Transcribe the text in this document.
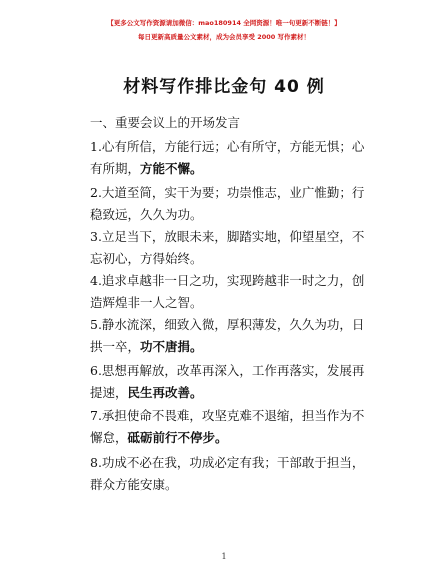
【更多公文写作资源请加微信：mao180914 全网资源！唯一句更新不断链！】
每日更新高质量公文素材，成为会员享受 2000 写作素材！
材料写作排比金句 40 例
一、重要会议上的开场发言
1.心有所信，方能行远；心有所守，方能无惧；心有所期，方能不懈。
2.大道至简，实干为要；功崇惟志，业广惟勤；行稳致远，久久为功。
3.立足当下，放眼未来，脚踏实地，仰望星空，不忘初心，方得始终。
4.追求卓越非一日之功，实现跨越非一时之力，创造辉煌非一人之智。
5.静水流深，细致入微，厚积薄发，久久为功，日拱一卒，功不唐捐。
6.思想再解放，改革再深入，工作再落实，发展再提速，民生再改善。
7.承担使命不畏难，攻坚克难不退缩，担当作为不懈怠，砥砺前行不停步。
8.功成不必在我，功成必定有我；干部敢于担当，群众方能安康。
1
